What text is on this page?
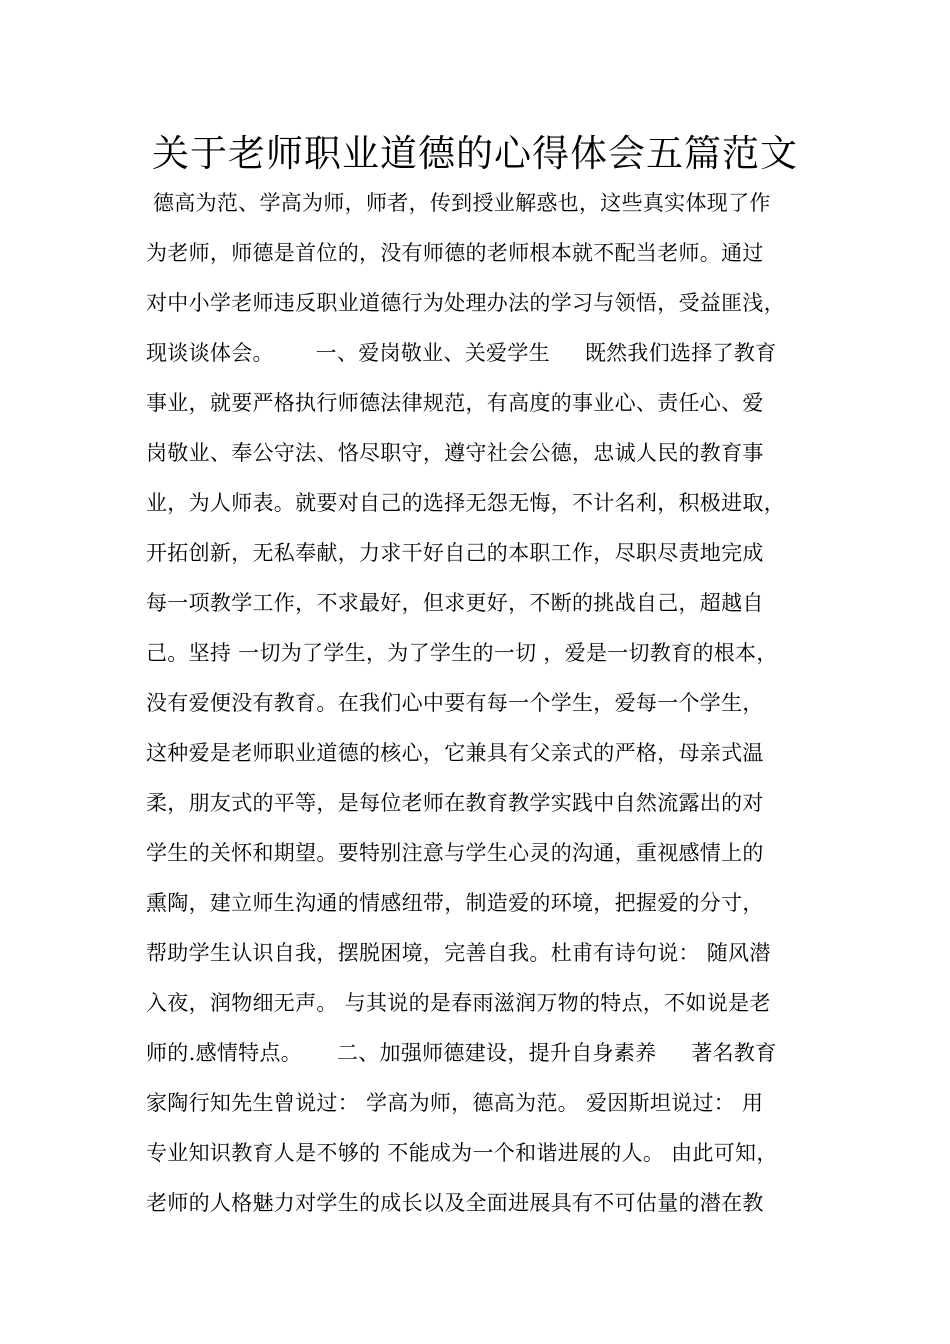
关于老师职业道德的心得体会五篇范文
德高为范、学高为师，师者，传到授业解惑也，这些真实体现了作
为老师，师德是首位的，没有师德的老师根本就不配当老师。通过
对中小学老师违反职业道德行为处理办法的学习与领悟，受益匪浅，
现谈谈体会。      一、爱岗敬业、关爱学生     既然我们选择了教育
事业，就要严格执行师德法律规范，有高度的事业心、责任心、爱
岗敬业、奉公守法、恪尽职守，遵守社会公德，忠诚人民的教育事
业，为人师表。就要对自己的选择无怨无悔，不计名利，积极进取，
开拓创新，无私奉献，力求干好自己的本职工作，尽职尽责地完成
每一项教学工作，不求最好，但求更好，不断的挑战自己，超越自
己。坚持 一切为了学生，为了学生的一切 ，爱是一切教育的根本，
没有爱便没有教育。在我们心中要有每一个学生，爱每一个学生，
这种爱是老师职业道德的核心，它兼具有父亲式的严格，母亲式温
柔，朋友式的平等，是每位老师在教育教学实践中自然流露出的对
学生的关怀和期望。要特别注意与学生心灵的沟通，重视感情上的
熏陶，建立师生沟通的情感纽带，制造爱的环境，把握爱的分寸，
帮助学生认识自我，摆脱困境，完善自我。杜甫有诗句说： 随风潜
入夜，润物细无声。 与其说的是春雨滋润万物的特点，不如说是老
师的.感情特点。     二、加强师德建设，提升自身素养     著名教育
家陶行知先生曾说过： 学高为师，德高为范。 爱因斯坦说过： 用
专业知识教育人是不够的 不能成为一个和谐进展的人。 由此可知，
老师的人格魅力对学生的成长以及全面进展具有不可估量的潜在教
